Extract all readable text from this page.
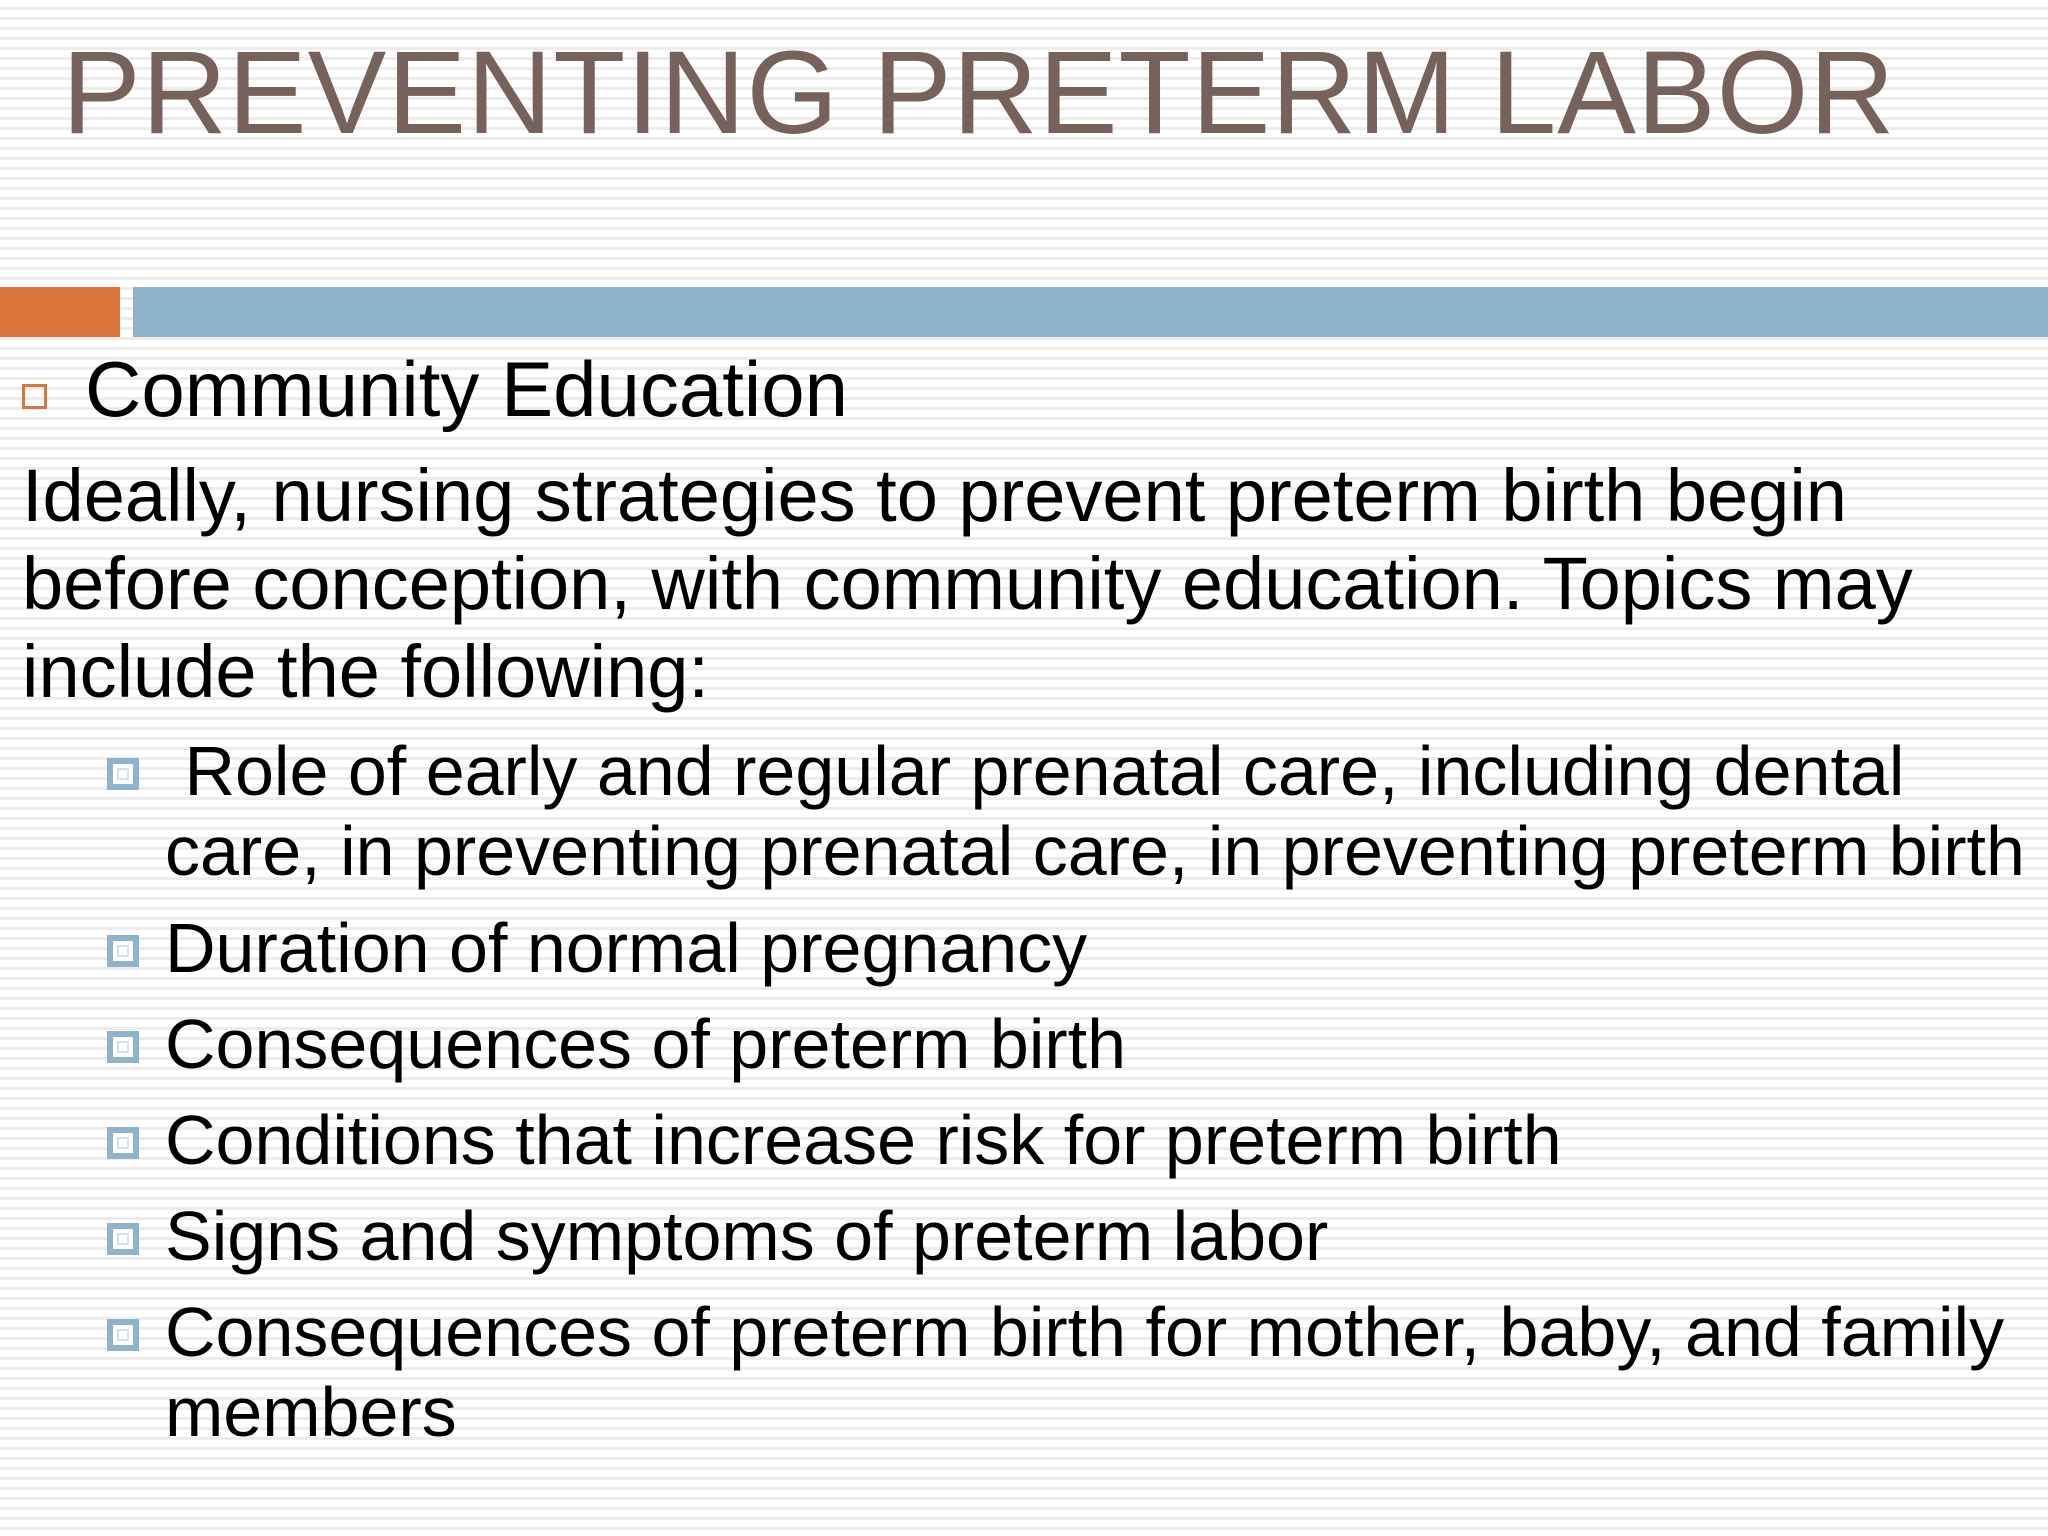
PREVENTING PRETERM LABOR
Community Education

Ideally, nursing strategies to prevent preterm birth begin before conception, with community education. Topics may include the following:

Role of early and regular prenatal care, including dental care, in preventing prenatal care, in preventing preterm birth
Duration of normal pregnancy
Consequences of preterm birth
Conditions that increase risk for preterm birth
Signs and symptoms of preterm labor
Consequences of preterm birth for mother, baby, and family members
